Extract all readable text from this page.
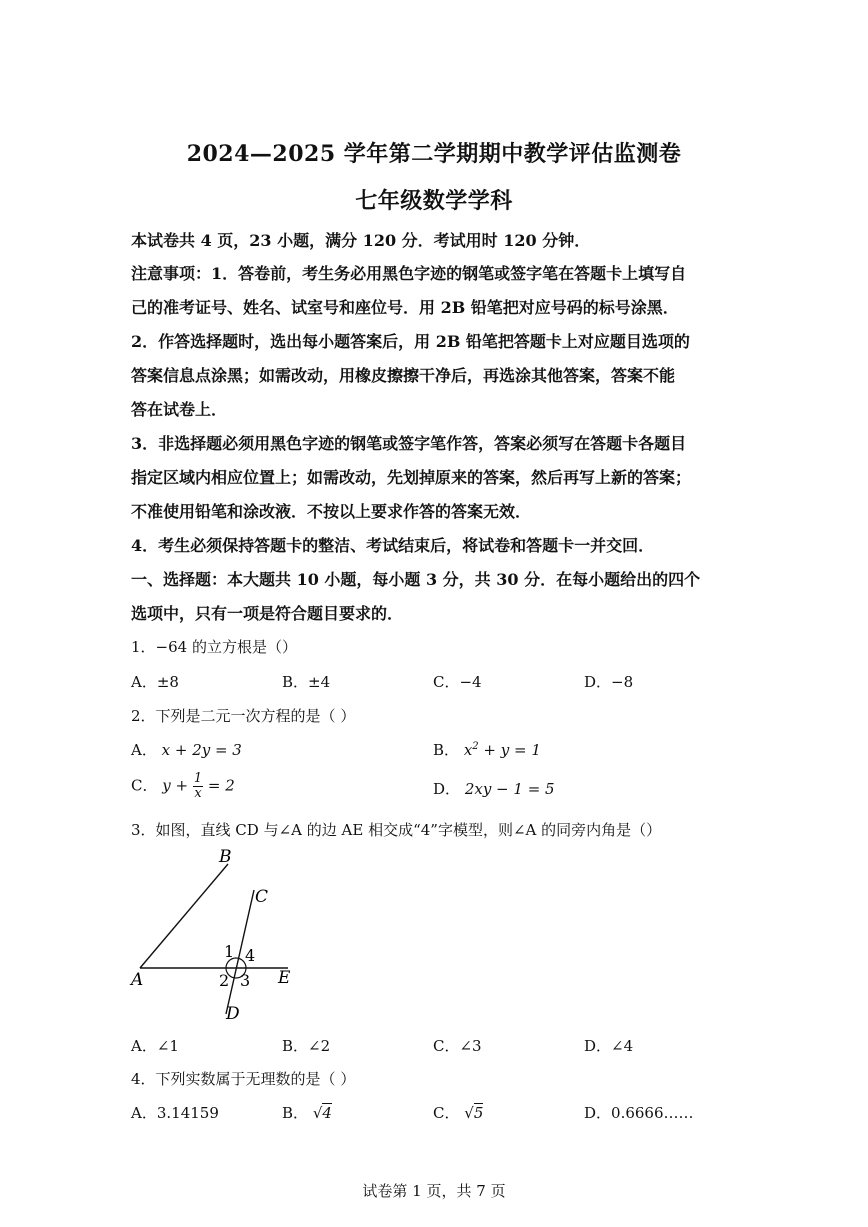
2024—2025 学年第二学期期中教学评估监测卷
七年级数学学科
本试卷共 4 页，23 小题，满分 120 分．考试用时 120 分钟．
注意事项：1．答卷前，考生务必用黑色字迹的钢笔或签字笔在答题卡上填写自
己的准考证号、姓名、试室号和座位号．用 2B 铅笔把对应号码的标号涂黑．
2．作答选择题时，选出每小题答案后，用 2B 铅笔把答题卡上对应题目选项的
答案信息点涂黑；如需改动，用橡皮擦擦干净后，再选涂其他答案，答案不能
答在试卷上．
3．非选择题必须用黑色字迹的钢笔或签字笔作答，答案必须写在答题卡各题目
指定区域内相应位置上；如需改动，先划掉原来的答案，然后再写上新的答案；
不准使用铅笔和涂改液．不按以上要求作答的答案无效．
4．考生必须保持答题卡的整洁、考试结束后，将试卷和答题卡一并交回．
一、选择题：本大题共 10 小题，每小题 3 分，共 30 分．在每小题给出的四个
选项中，只有一项是符合题目要求的．
1．−64 的立方根是（）
A．±8	B．±4	C．−4	D．−8
2．下列是二元一次方程的是（ ）
A． x + 2y = 3	B． $x^2 + y = 1$
C． $y + \frac{1}{x} = 2$	D． 2xy − 1 = 5
3．如图，直线 CD 与∠A 的边 AE 相交成“4”字模型，则∠A 的同旁内角是（）
B
C
A	E
D
1 4
2 3
A．∠1	B．∠2	C．∠3	D．∠4
4．下列实数属于无理数的是（ ）
A．3.14159	B． √4	C． √5	D．0.6666……
试卷第 1 页，共 7 页
